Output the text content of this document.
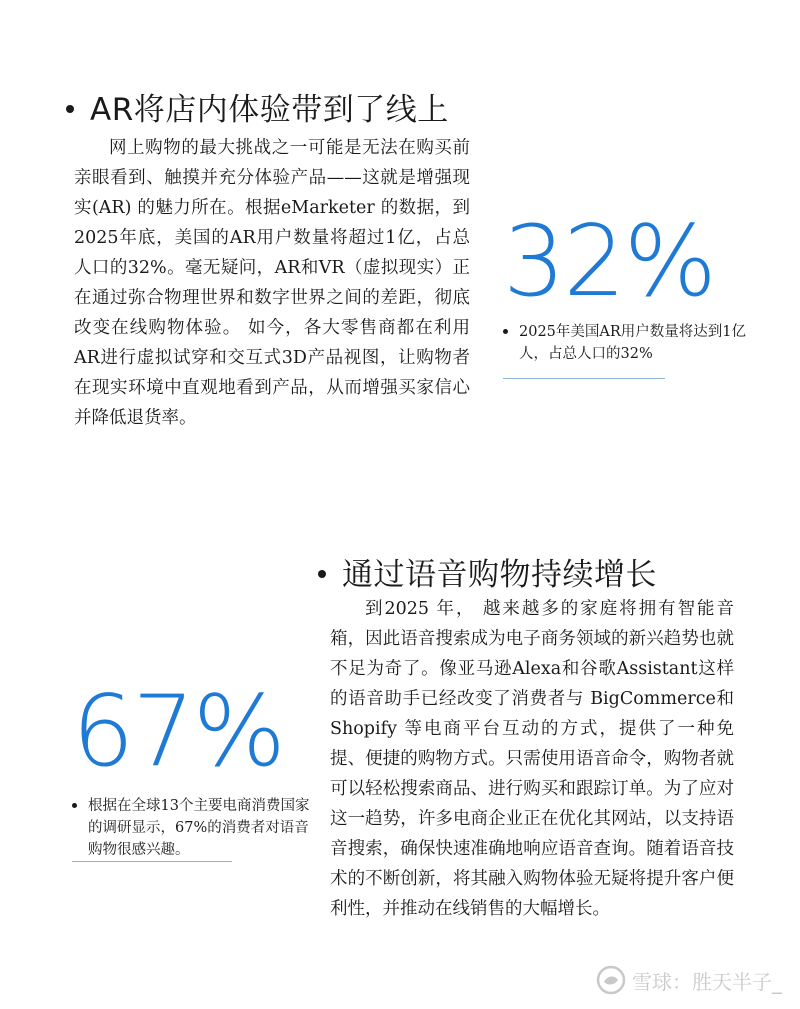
AR将店内体验带到了线上

网上购物的最大挑战之一可能是无法在购买前亲眼看到、触摸并充分体验产品——这就是增强现实(AR) 的魅力所在。根据eMarketer 的数据，到2025年底，美国的AR用户数量将超过1亿，占总人口的32%。毫无疑问，AR和VR（虚拟现实）正在通过弥合物理世界和数字世界之间的差距，彻底改变在线购物体验。 如今，各大零售商都在利用AR进行虚拟试穿和交互式3D产品视图，让购物者在现实环境中直观地看到产品，从而增强买家信心并降低退货率。

32%
2025年美国AR用户数量将达到1亿人，占总人口的32%
通过语音购物持续增长

到2025 年， 越来越多的家庭将拥有智能音箱，因此语音搜索成为电子商务领域的新兴趋势也就不足为奇了。像亚马逊Alexa和谷歌Assistant这样的语音助手已经改变了消费者与 BigCommerce和Shopify 等电商平台互动的方式，提供了一种免提、便捷的购物方式。只需使用语音命令，购物者就可以轻松搜索商品、进行购买和跟踪订单。为了应对这一趋势，许多电商企业正在优化其网站，以支持语音搜索，确保快速准确地响应语音查询。随着语音技术的不断创新，将其融入购物体验无疑将提升客户便利性，并推动在线销售的大幅增长。

67%
根据在全球13个主要电商消费国家的调研显示，67%的消费者对语音购物很感兴趣。
雪球：胜天半子_
